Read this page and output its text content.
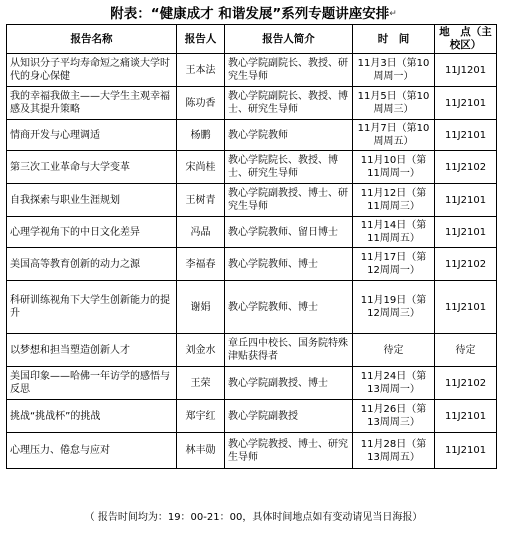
附表：“健康成才 和谐发展”系列专题讲座安排↵
报告名称	报告人	报告人简介	时　间	地　点（主校区）
从知识分子平均寿命短之痛谈大学时代的身心保健	王本法	教心学院副院长、教授、研究生导师	11月3日（第10周周一）	11J1201
我的幸福我做主——大学生主观幸福感及其提升策略	陈功香	教心学院副院长、教授、博士、研究生导师	11月5日（第10周周三）	11J2101
情商开发与心理调适	杨鹏	教心学院教师	11月7日（第10周周五）	11J2101
第三次工业革命与大学变革	宋尚桂	教心学院院长、教授、博士、研究生导师	11月10日（第11周周一）	11J2102
自我探索与职业生涯规划	王树青	教心学院副教授、博士、研究生导师	11月12日（第11周周三）	11J2101
心理学视角下的中日文化差异	冯晶	教心学院教师、留日博士	11月14日（第11周周五）	11J2101
美国高等教育创新的动力之源	李福春	教心学院教师、博士	11月17日（第12周周一）	11J2102
科研训练视角下大学生创新能力的提升	谢娟	教心学院教师、博士	11月19日（第12周周三）	11J2101
以梦想和担当塑造创新人才	刘金水	章丘四中校长、国务院特殊津贴获得者	待定	待定
美国印象——哈佛一年访学的感悟与反思	王荣	教心学院副教授、博士	11月24日（第13周周一）	11J2102
挑战“挑战杯”的挑战	郑宇红	教心学院副教授	11月26日（第13周周三）	11J2101
心理压力、倦怠与应对	林丰勋	教心学院教授、博士、研究生导师	11月28日（第13周周五）	11J2101
（ 报告时间均为：19：00-21：00，具体时间地点如有变动请见当日海报）
